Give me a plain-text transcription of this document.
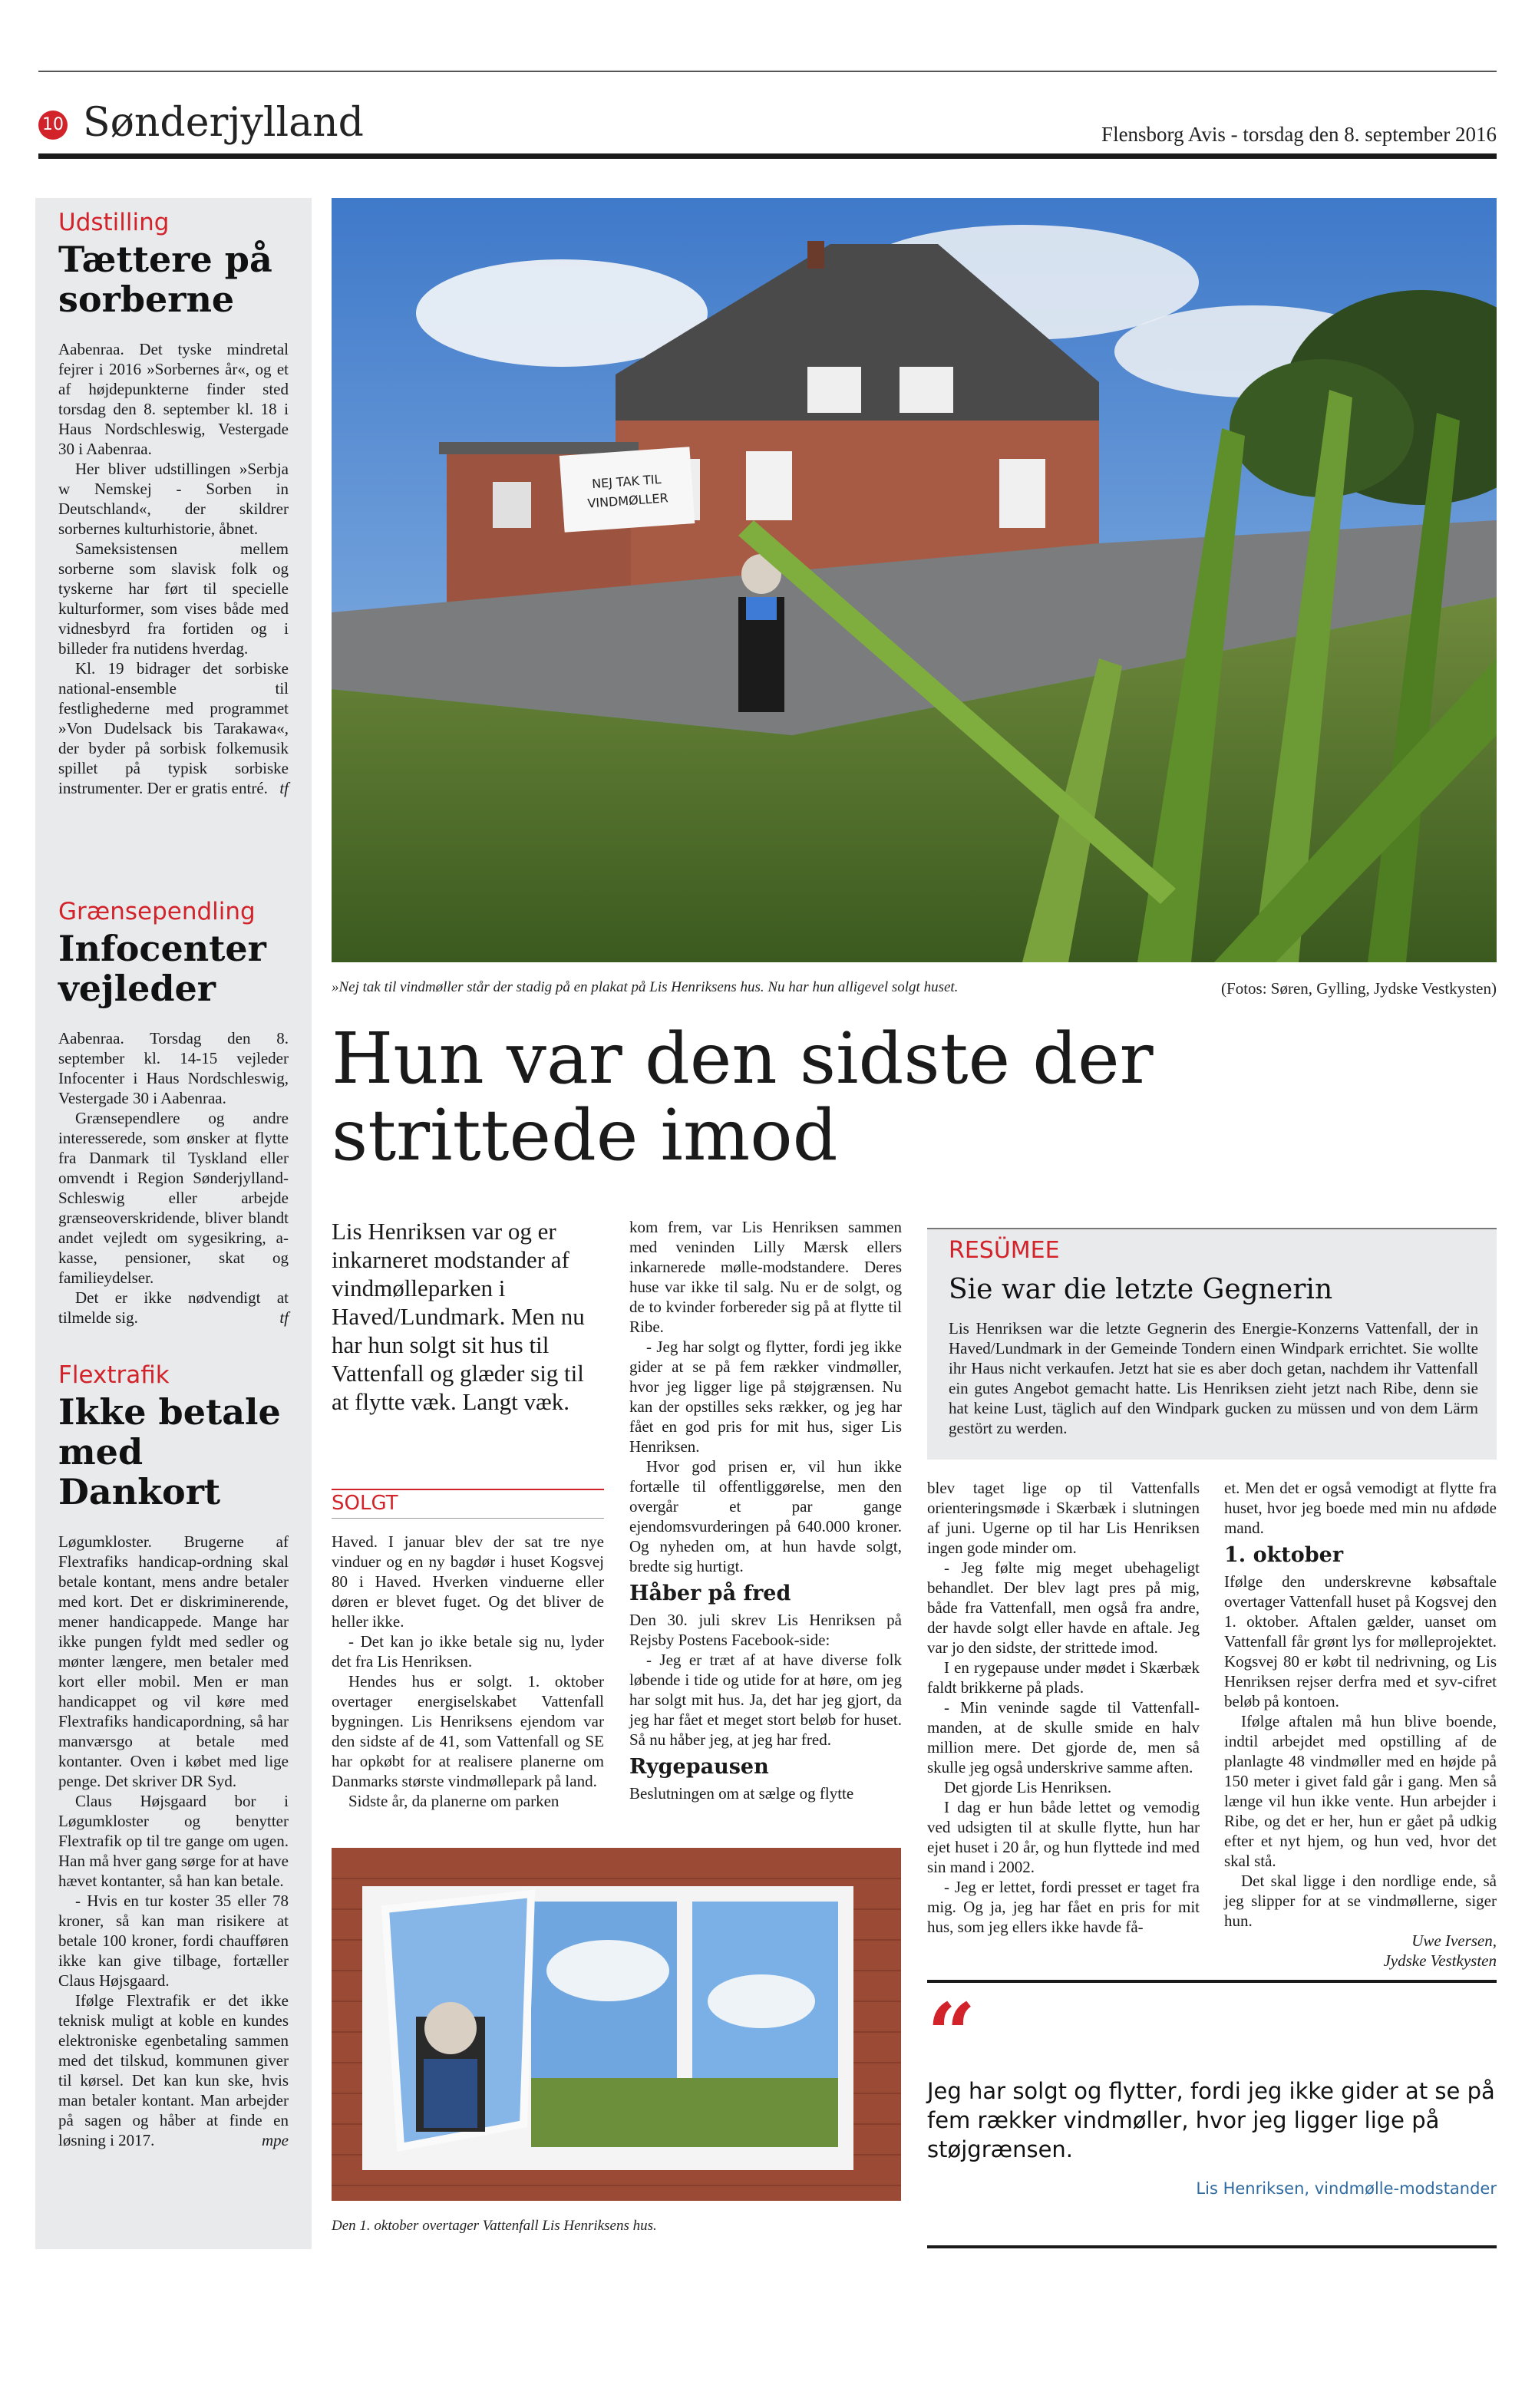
10 Sønderjylland	Flensborg Avis - torsdag den 8. september 2016
Udstilling
Tættere på sorberne

Aabenraa. Det tyske mindretal fejrer i 2016 »Sorbernes år«, og et af højdepunkterne finder sted torsdag den 8. september kl. 18 i Haus Nordschleswig, Vestergade 30 i Aabenraa.

Her bliver udstillingen »Serbja w Nemskej - Sorben in Deutschland«, der skildrer sorbernes kulturhistorie, åbnet.

Sameksistensen mellem sorberne som slavisk folk og tyskerne har ført til specielle kulturformer, som vises både med vidnesbyrd fra fortiden og i billeder fra nutidens hverdag.

Kl. 19 bidrager det sorbiske national-ensemble til festlighederne med programmet »Von Dudelsack bis Tarakawa«, der byder på sorbisk folkemusik spillet på typisk sorbiske instrumenter. Der er gratis entré. tf
Grænsependling
Infocenter vejleder

Aabenraa. Torsdag den 8. september kl. 14-15 vejleder Infocenter i Haus Nordschleswig, Vestergade 30 i Aabenraa.

Grænsependlere og andre interesserede, som ønsker at flytte fra Danmark til Tyskland eller omvendt i Region Sønderjylland- Schleswig eller arbejde grænseoverskridende, bliver blandt andet vejledt om sygesikring, a-kasse, pensioner, skat og familieydelser.

Det er ikke nødvendigt at tilmelde sig.	tf
Flextrafik
Ikke betale med Dankort

Løgumkloster. Brugerne af Flextrafiks handicap-ordning skal betale kontant, mens andre betaler med kort. Det er diskriminerende, mener handicappede. Mange har ikke pungen fyldt med sedler og mønter længere, men betaler med kort eller mobil. Men er man handicappet og vil køre med Flextrafiks handicapordning, så har manværsgo at betale med kontanter. Oven i købet med lige penge. Det skriver DR Syd.

Claus Højsgaard bor i Løgumkloster og benytter Flextrafik op til tre gange om ugen. Han må hver gang sørge for at have hævet kontanter, så han kan betale.

- Hvis en tur koster 35 eller 78 kroner, så kan man risikere at betale 100 kroner, fordi chaufføren ikke kan give tilbage, fortæller Claus Højsgaard.

Ifølge Flextrafik er det ikke teknisk muligt at koble en kundes elektroniske egenbetaling sammen med det tilskud, kommunen giver til kørsel. Det kan kun ske, hvis man betaler kontant. Man arbejder på sagen og håber at finde en løsning i 2017.	mpe
NEJ TAK TIL
VINDMØLLER
»Nej tak til vindmøller står der stadig på en plakat på Lis Henriksens hus. Nu har hun alligevel solgt huset.	(Fotos: Søren, Gylling, Jydske Vestkysten)
Hun var den sidste der strittede imod
Lis Henriksen var og er inkarneret modstander af vindmølleparken i Haved/Lundmark. Men nu har hun solgt sit hus til Vattenfall og glæder sig til at flytte væk. Langt væk.
SOLGT

Haved. I januar blev der sat tre nye vinduer og en ny bagdør i huset Kogsvej 80 i Haved. Hverken vinduerne eller døren er blevet fuget. Og det bliver de heller ikke.

- Det kan jo ikke betale sig nu, lyder det fra Lis Henriksen.

Hendes hus er solgt. 1. oktober overtager energiselskabet Vattenfall bygningen. Lis Henriksens ejendom var den sidste af de 41, som Vattenfall og SE har opkøbt for at realisere planerne om Danmarks største vindmøllepark på land.

Sidste år, da planerne om parken

kom frem, var Lis Henriksen sammen med veninden Lilly Mærsk ellers inkarnerede mølle-modstandere. Deres huse var ikke til salg. Nu er de solgt, og de to kvinder forbereder sig på at flytte til Ribe.

- Jeg har solgt og flytter, fordi jeg ikke gider at se på fem rækker vindmøller, hvor jeg ligger lige på støjgrænsen. Nu kan der opstilles seks rækker, og jeg har fået en god pris for mit hus, siger Lis Henriksen.

Hvor god prisen er, vil hun ikke fortælle til offentliggørelse, men den overgår et par gange ejendomsvurderingen på 640.000 kroner. Og nyheden om, at hun havde solgt, bredte sig hurtigt.

Håber på fred

Den 30. juli skrev Lis Henriksen på Rejsby Postens Facebook-side:

- Jeg er træt af at have diverse folk løbende i tide og utide for at høre, om jeg har solgt mit hus. Ja, det har jeg gjort, da jeg har fået et meget stort beløb for huset. Så nu håber jeg, at jeg har fred.

Rygepausen

Beslutningen om at sælge og flytte

RESÜMEE
Sie war die letzte Gegnerin
Lis Henriksen war die letzte Gegnerin des Energie-Konzerns Vattenfall, der in Haved/Lundmark in der Gemeinde Tondern einen Windpark errichtet. Sie wollte ihr Haus nicht verkaufen. Jetzt hat sie es aber doch getan, nachdem ihr Vattenfall ein gutes Angebot gemacht hatte. Lis Henriksen zieht jetzt nach Ribe, denn sie hat keine Lust, täglich auf den Windpark gucken zu müssen und von dem Lärm gestört zu werden.

blev taget lige op til Vattenfalls orienteringsmøde i Skærbæk i slutningen af juni. Ugerne op til har Lis Henriksen ingen gode minder om.

- Jeg følte mig meget ubehageligt behandlet. Der blev lagt pres på mig, både fra Vattenfall, men også fra andre, der havde solgt eller havde en aftale. Jeg var jo den sidste, der strittede imod.

I en rygepause under mødet i Skærbæk faldt brikkerne på plads.

- Min veninde sagde til Vattenfall-manden, at de skulle smide en halv million mere. Det gjorde de, men så skulle jeg også underskrive samme aften.

Det gjorde Lis Henriksen.

I dag er hun både lettet og vemodig ved udsigten til at skulle flytte, hun har ejet huset i 20 år, og hun flyttede ind med sin mand i 2002.

- Jeg er lettet, fordi presset er taget fra mig. Og ja, jeg har fået en pris for mit hus, som jeg ellers ikke havde få-

et. Men det er også vemodigt at flytte fra huset, hvor jeg boede med min nu afdøde mand.

1. oktober

Ifølge den underskrevne købsaftale overtager Vattenfall huset på Kogsvej den 1. oktober. Aftalen gælder, uanset om Vattenfall får grønt lys for mølleprojektet. Kogsvej 80 er købt til nedrivning, og Lis Henriksen rejser derfra med et syv-cifret beløb på kontoen.

Ifølge aftalen må hun blive boende, indtil arbejdet med opstilling af de planlagte 48 vindmøller med en højde på 150 meter i givet fald går i gang. Men så længe vil hun ikke vente. Hun arbejder i Ribe, og det er her, hun er gået på udkig efter et nyt hjem, og hun ved, hvor det skal stå.

Det skal ligge i den nordlige ende, så jeg slipper for at se vindmøllerne, siger hun.

Uwe Iversen,
Jydske Vestkysten
Den 1. oktober overtager Vattenfall Lis Henriksens hus.
“
Jeg har solgt og flytter, fordi jeg ikke gider at se på fem rækker vindmøller, hvor jeg ligger lige på støjgrænsen.
Lis Henriksen, vindmølle-modstander
